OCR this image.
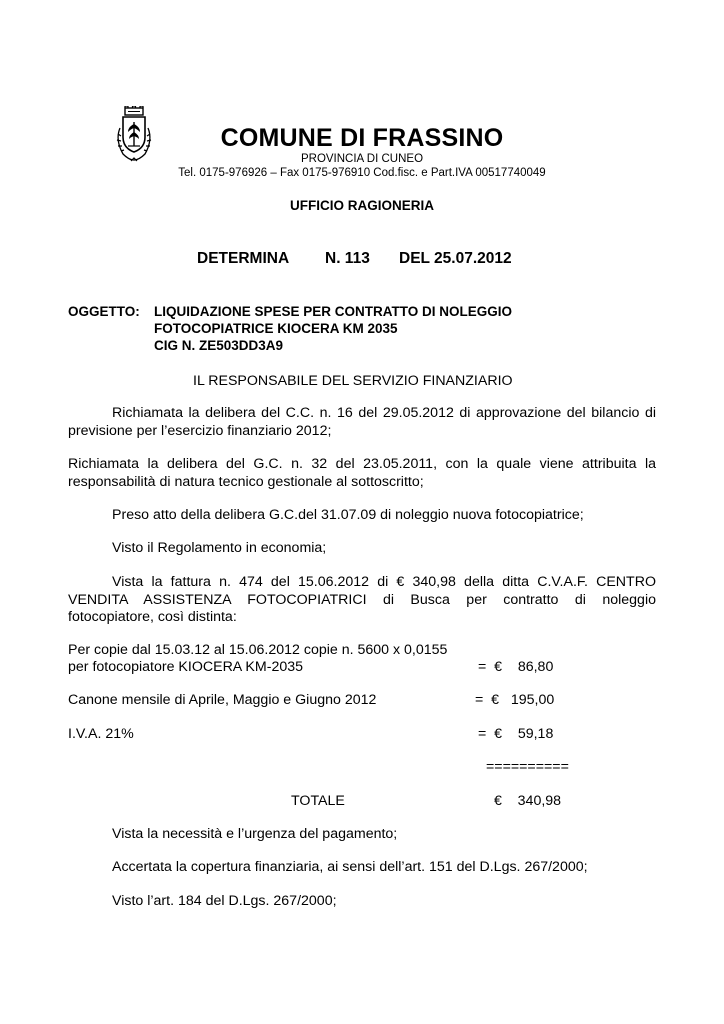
COMUNE DI FRASSINO
PROVINCIA DI CUNEO
Tel. 0175-976926 – Fax 0175-976910 Cod.fisc. e Part.IVA 00517740049
UFFICIO RAGIONERIA
DETERMINA N. 113 DEL 25.07.2012
OGGETTO: LIQUIDAZIONE SPESE PER CONTRATTO DI NOLEGGIO
FOTOCOPIATRICE KIOCERA KM 2035
CIG N. ZE503DD3A9
IL RESPONSABILE DEL SERVIZIO FINANZIARIO
Richiamata la delibera del C.C. n. 16 del 29.05.2012 di approvazione del bilancio di
previsione per l’esercizio finanziario 2012;
Richiamata la delibera del G.C. n. 32 del 23.05.2011, con la quale viene attribuita la
responsabilità di natura tecnico gestionale al sottoscritto;
Preso atto della delibera G.C.del 31.07.09 di noleggio nuova fotocopiatrice;
Visto il Regolamento in economia;
Vista la fattura n. 474 del 15.06.2012 di € 340,98 della ditta C.V.A.F. CENTRO
VENDITA ASSISTENZA FOTOCOPIATRICI di Busca per contratto di noleggio
fotocopiatore, così distinta:
Per copie dal 15.03.12 al 15.06.2012 copie n. 5600 x 0,0155
per fotocopiatore KIOCERA KM-2035	=  €    86,80
Canone mensile di Aprile, Maggio e Giugno 2012	=  €   195,00
I.V.A. 21%	=  €    59,18
==========
TOTALE	€    340,98
Vista la necessità e l’urgenza del pagamento;
Accertata la copertura finanziaria, ai sensi dell’art. 151 del D.Lgs. 267/2000;
Visto l’art. 184 del D.Lgs. 267/2000;
